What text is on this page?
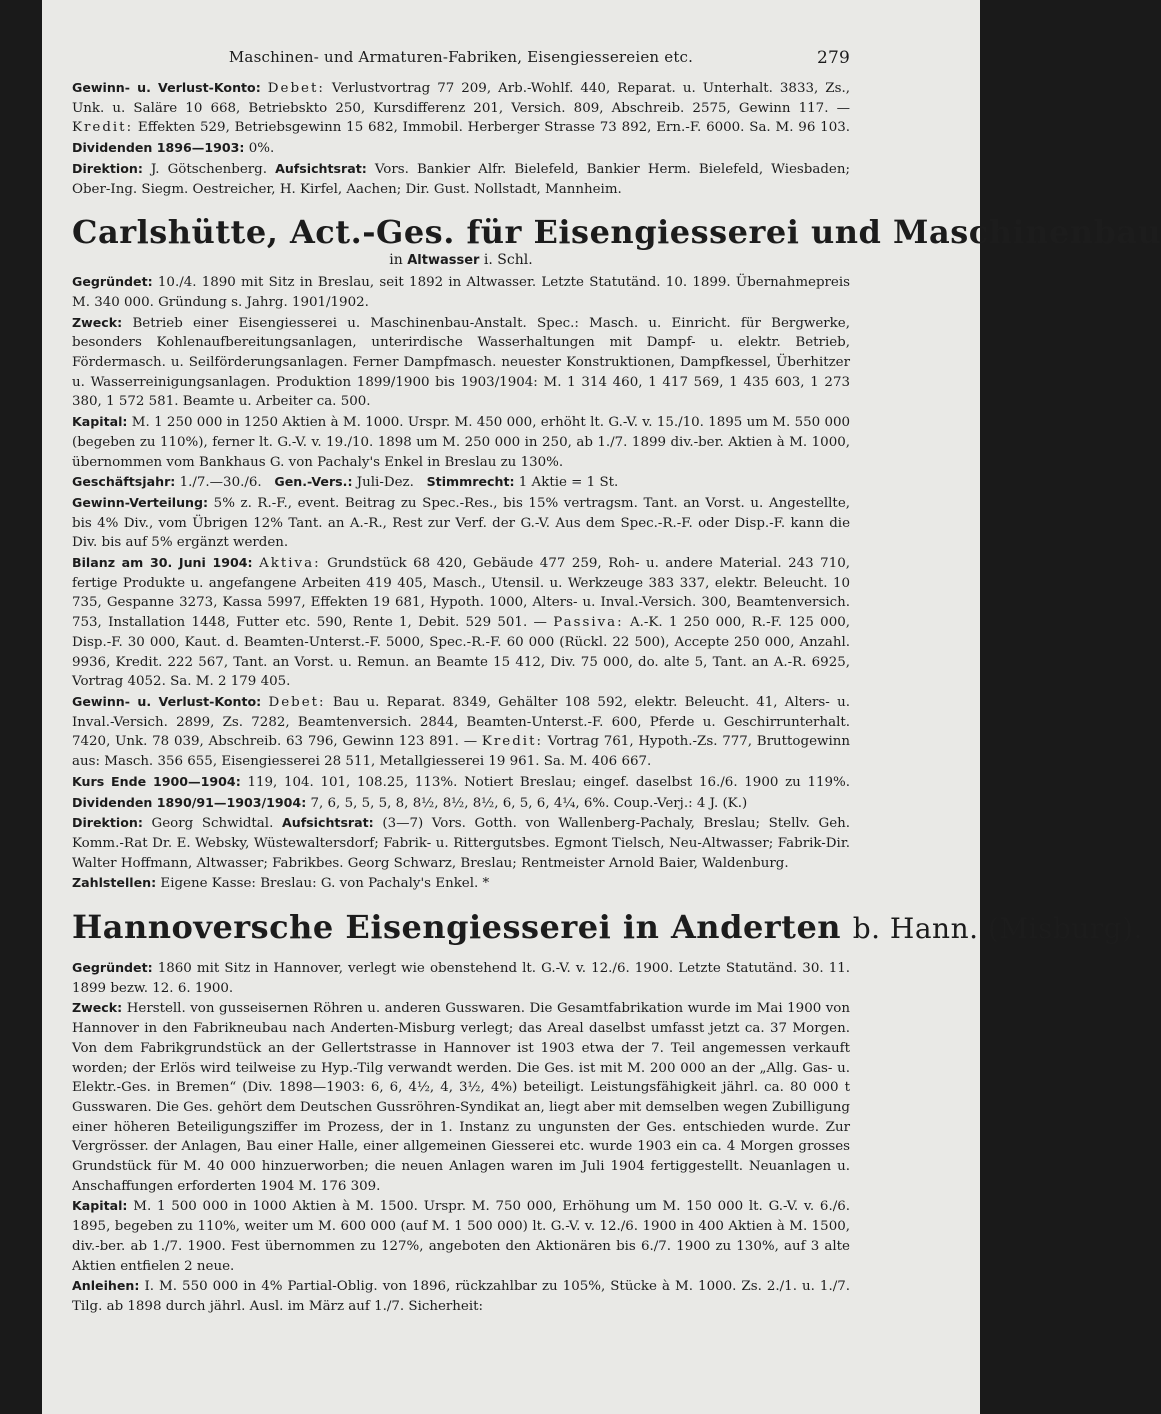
Maschinen- und Armaturen-Fabriken, Eisengiessereien etc.	279

Gewinn- u. Verlust-Konto: Debet: Verlustvortrag 77 209, Arb.-Wohlf. 440, Reparat. u. Unterhalt. 3833, Zs., Unk. u. Saläre 10 668, Betriebskto 250, Kursdifferenz 201, Versich. 809, Abschreib. 2575, Gewinn 117. — Kredit: Effekten 529, Betriebsgewinn 15 682, Immobil. Herberger Strasse 73 892, Ern.-F. 6000. Sa. M. 96 103. Dividenden 1896—1903: 0%.

Direktion: J. Götschenberg. Aufsichtsrat: Vors. Bankier Alfr. Bielefeld, Bankier Herm. Bielefeld, Wiesbaden; Ober-Ing. Siegm. Oestreicher, H. Kirfel, Aachen; Dir. Gust. Nollstadt, Mannheim.

Carlshütte, Act.-Ges. für Eisengiesserei und Maschinenbau
in Altwasser i. Schl.

Gegründet: 10./4. 1890 mit Sitz in Breslau, seit 1892 in Altwasser. Letzte Statutänd. 10. 1899. Übernahmepreis M. 340 000. Gründung s. Jahrg. 1901/1902.

Zweck: Betrieb einer Eisengiesserei u. Maschinenbau-Anstalt. Spec.: Masch. u. Einricht. für Bergwerke, besonders Kohlenaufbereitungsanlagen, unterirdische Wasserhaltungen mit Dampf- u. elektr. Betrieb, Fördermasch. u. Seilförderungsanlagen. Ferner Dampfmasch. neuester Konstruktionen, Dampfkessel, Überhitzer u. Wasserreinigungsanlagen. Produktion 1899/1900 bis 1903/1904: M. 1 314 460, 1 417 569, 1 435 603, 1 273 380, 1 572 581. Beamte u. Arbeiter ca. 500.

Kapital: M. 1 250 000 in 1250 Aktien à M. 1000. Urspr. M. 450 000, erhöht lt. G.-V. v. 15./10. 1895 um M. 550 000 (begeben zu 110%), ferner lt. G.-V. v. 19./10. 1898 um M. 250 000 in 250, ab 1./7. 1899 div.-ber. Aktien à M. 1000, übernommen vom Bankhaus G. von Pachaly's Enkel in Breslau zu 130%.

Geschäftsjahr: 1./7.—30./6. Gen.-Vers.: Juli-Dez. Stimmrecht: 1 Aktie = 1 St.

Gewinn-Verteilung: 5% z. R.-F., event. Beitrag zu Spec.-Res., bis 15% vertragsm. Tant. an Vorst. u. Angestellte, bis 4% Div., vom Übrigen 12% Tant. an A.-R., Rest zur Verf. der G.-V. Aus dem Spec.-R.-F. oder Disp.-F. kann die Div. bis auf 5% ergänzt werden.

Bilanz am 30. Juni 1904: Aktiva: Grundstück 68 420, Gebäude 477 259, Roh- u. andere Material. 243 710, fertige Produkte u. angefangene Arbeiten 419 405, Masch., Utensil. u. Werkzeuge 383 337, elektr. Beleucht. 10 735, Gespanne 3273, Kassa 5997, Effekten 19 681, Hypoth. 1000, Alters- u. Inval.-Versich. 300, Beamtenversich. 753, Installation 1448, Futter etc. 590, Rente 1, Debit. 529 501. — Passiva: A.-K. 1 250 000, R.-F. 125 000, Disp.-F. 30 000, Kaut. d. Beamten-Unterst.-F. 5000, Spec.-R.-F. 60 000 (Rückl. 22 500), Accepte 250 000, Anzahl. 9936, Kredit. 222 567, Tant. an Vorst. u. Remun. an Beamte 15 412, Div. 75 000, do. alte 5, Tant. an A.-R. 6925, Vortrag 4052. Sa. M. 2 179 405.

Gewinn- u. Verlust-Konto: Debet: Bau u. Reparat. 8349, Gehälter 108 592, elektr. Beleucht. 41, Alters- u. Inval.-Versich. 2899, Zs. 7282, Beamtenversich. 2844, Beamten-Unterst.-F. 600, Pferde u. Geschirrunterhalt. 7420, Unk. 78 039, Abschreib. 63 796, Gewinn 123 891. — Kredit: Vortrag 761, Hypoth.-Zs. 777, Bruttogewinn aus: Masch. 356 655, Eisengiesserei 28 511, Metallgiesserei 19 961. Sa. M. 406 667.

Kurs Ende 1900—1904: 119, 104. 101, 108.25, 113%. Notiert Breslau; eingef. daselbst 16./6. 1900 zu 119%. Dividenden 1890/91—1903/1904: 7, 6, 5, 5, 5, 8, 8½, 8½, 8½, 6, 5, 6, 4¼, 6%. Coup.-Verj.: 4 J. (K.)

Direktion: Georg Schwidtal. Aufsichtsrat: (3—7) Vors. Gotth. von Wallenberg-Pachaly, Breslau; Stellv. Geh. Komm.-Rat Dr. E. Websky, Wüstewaltersdorf; Fabrik- u. Rittergutsbes. Egmont Tielsch, Neu-Altwasser; Fabrik-Dir. Walter Hoffmann, Altwasser; Fabrikbes. Georg Schwarz, Breslau; Rentmeister Arnold Baier, Waldenburg.

Zahlstellen: Eigene Kasse: Breslau: G. von Pachaly's Enkel. *

Hannoversche Eisengiesserei in Anderten b. Hann. (Misburg).

Gegründet: 1860 mit Sitz in Hannover, verlegt wie obenstehend lt. G.-V. v. 12./6. 1900. Letzte Statutänd. 30. 11. 1899 bezw. 12. 6. 1900.

Zweck: Herstell. von gusseisernen Röhren u. anderen Gusswaren. Die Gesamtfabrikation wurde im Mai 1900 von Hannover in den Fabrikneubau nach Anderten-Misburg verlegt; das Areal daselbst umfasst jetzt ca. 37 Morgen. Von dem Fabrikgrundstück an der Gellertstrasse in Hannover ist 1903 etwa der 7. Teil angemessen verkauft worden; der Erlös wird teilweise zu Hyp.-Tilg verwandt werden. Die Ges. ist mit M. 200 000 an der „Allg. Gas- u. Elektr.-Ges. in Bremen“ (Div. 1898—1903: 6, 6, 4½, 4, 3½, 4%) beteiligt. Leistungsfähigkeit jährl. ca. 80 000 t Gusswaren. Die Ges. gehört dem Deutschen Gussröhren-Syndikat an, liegt aber mit demselben wegen Zubilligung einer höheren Beteiligungsziffer im Prozess, der in 1. Instanz zu ungunsten der Ges. entschieden wurde. Zur Vergrösser. der Anlagen, Bau einer Halle, einer allgemeinen Giesserei etc. wurde 1903 ein ca. 4 Morgen grosses Grundstück für M. 40 000 hinzuerworben; die neuen Anlagen waren im Juli 1904 fertiggestellt. Neuanlagen u. Anschaffungen erforderten 1904 M. 176 309.

Kapital: M. 1 500 000 in 1000 Aktien à M. 1500. Urspr. M. 750 000, Erhöhung um M. 150 000 lt. G.-V. v. 6./6. 1895, begeben zu 110%, weiter um M. 600 000 (auf M. 1 500 000) lt. G.-V. v. 12./6. 1900 in 400 Aktien à M. 1500, div.-ber. ab 1./7. 1900. Fest übernommen zu 127%, angeboten den Aktionären bis 6./7. 1900 zu 130%, auf 3 alte Aktien entfielen 2 neue.

Anleihen: I. M. 550 000 in 4% Partial-Oblig. von 1896, rückzahlbar zu 105%, Stücke à M. 1000. Zs. 2./1. u. 1./7. Tilg. ab 1898 durch jährl. Ausl. im März auf 1./7. Sicherheit:
